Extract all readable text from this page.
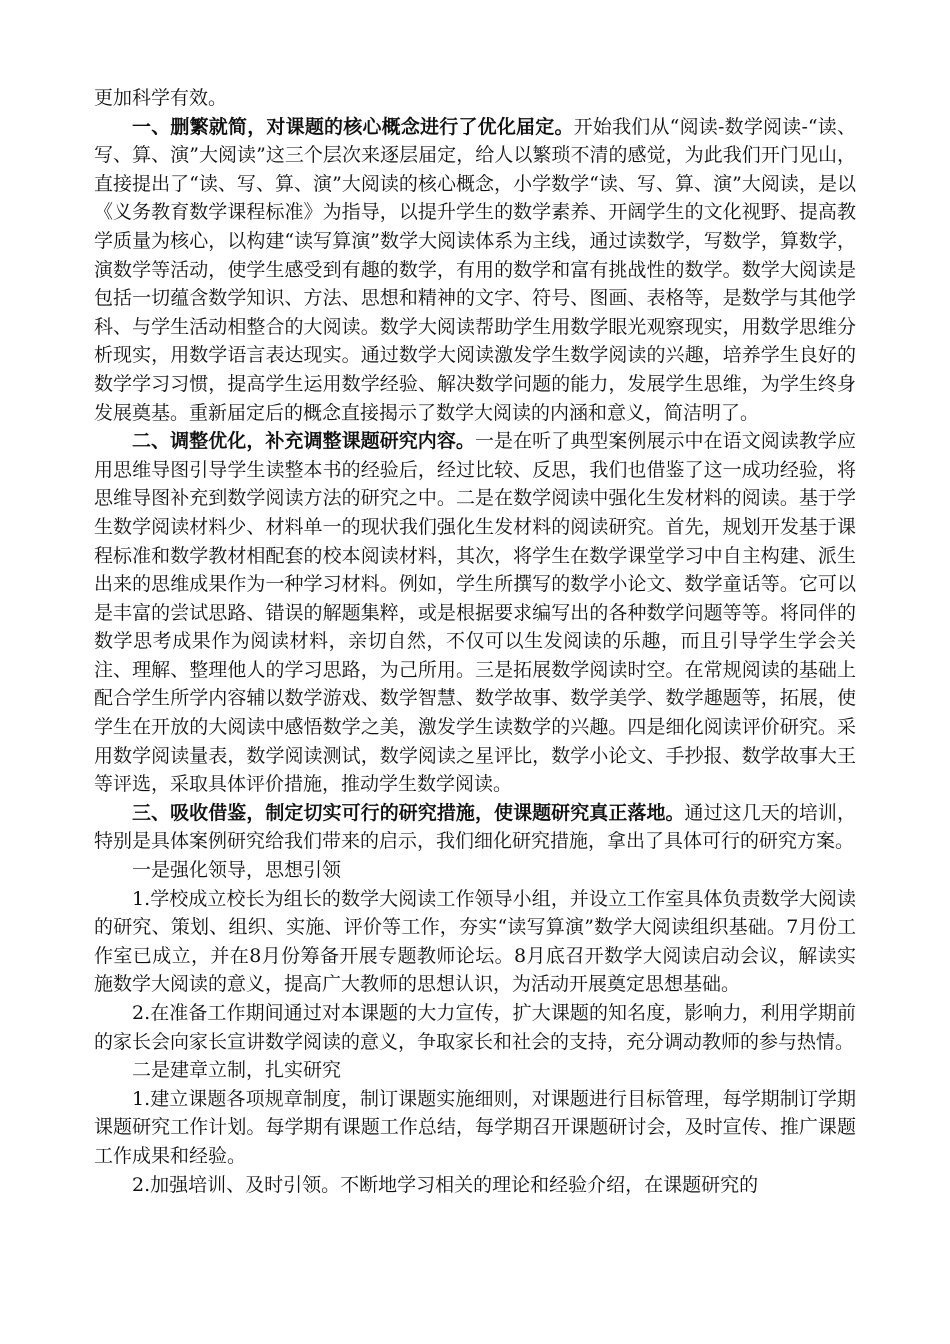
更加科学有效。

一、删繁就简，对课题的核心概念进行了优化届定。开始我们从“阅读-数学阅读-“读、写、算、演”大阅读”这三个层次来逐层届定，给人以繁琐不清的感觉，为此我们开门见山，直接提出了“读、写、算、演”大阅读的核心概念，小学数学“读、写、算、演”大阅读，是以《义务教育数学课程标准》为指导，以提升学生的数学素养、开阔学生的文化视野、提高教学质量为核心，以构建“读写算演”数学大阅读体系为主线，通过读数学，写数学，算数学，演数学等活动，使学生感受到有趣的数学，有用的数学和富有挑战性的数学。数学大阅读是包括一切蕴含数学知识、方法、思想和精神的文字、符号、图画、表格等，是数学与其他学科、与学生活动相整合的大阅读。数学大阅读帮助学生用数学眼光观察现实，用数学思维分析现实，用数学语言表达现实。通过数学大阅读激发学生数学阅读的兴趣，培养学生良好的数学学习习惯，提高学生运用数学经验、解决数学问题的能力，发展学生思维，为学生终身发展奠基。重新届定后的概念直接揭示了数学大阅读的内涵和意义，简洁明了。

二、调整优化，补充调整课题研究内容。一是在听了典型案例展示中在语文阅读教学应用思维导图引导学生读整本书的经验后，经过比较、反思，我们也借鉴了这一成功经验，将思维导图补充到数学阅读方法的研究之中。二是在数学阅读中强化生发材料的阅读。基于学生数学阅读材料少、材料单一的现状我们强化生发材料的阅读研究。首先，规划开发基于课程标准和数学教材相配套的校本阅读材料，其次，将学生在数学课堂学习中自主构建、派生出来的思维成果作为一种学习材料。例如，学生所撰写的数学小论文、数学童话等。它可以是丰富的尝试思路、错误的解题集粹，或是根据要求编写出的各种数学问题等等。将同伴的数学思考成果作为阅读材料，亲切自然，不仅可以生发阅读的乐趣，而且引导学生学会关注、理解、整理他人的学习思路，为己所用。三是拓展数学阅读时空。在常规阅读的基础上配合学生所学内容辅以数学游戏、数学智慧、数学故事、数学美学、数学趣题等，拓展，使学生在开放的大阅读中感悟数学之美，激发学生读数学的兴趣。四是细化阅读评价研究。采用数学阅读量表，数学阅读测试，数学阅读之星评比，数学小论文、手抄报、数学故事大王等评选，采取具体评价措施，推动学生数学阅读。

三、吸收借鉴，制定切实可行的研究措施，使课题研究真正落地。通过这几天的培训，特别是具体案例研究给我们带来的启示，我们细化研究措施，拿出了具体可行的研究方案。

一是强化领导，思想引领

1.学校成立校长为组长的数学大阅读工作领导小组，并设立工作室具体负责数学大阅读的研究、策划、组织、实施、评价等工作，夯实“读写算演”数学大阅读组织基础。7月份工作室已成立，并在8月份筹备开展专题教师论坛。8月底召开数学大阅读启动会议，解读实施数学大阅读的意义，提高广大教师的思想认识，为活动开展奠定思想基础。

2.在准备工作期间通过对本课题的大力宣传，扩大课题的知名度，影响力，利用学期前的家长会向家长宣讲数学阅读的意义，争取家长和社会的支持，充分调动教师的参与热情。

二是建章立制，扎实研究

1.建立课题各项规章制度，制订课题实施细则，对课题进行目标管理，每学期制订学期课题研究工作计划。每学期有课题工作总结，每学期召开课题研讨会，及时宣传、推广课题工作成果和经验。

2.加强培训、及时引领。不断地学习相关的理论和经验介绍，在课题研究的
